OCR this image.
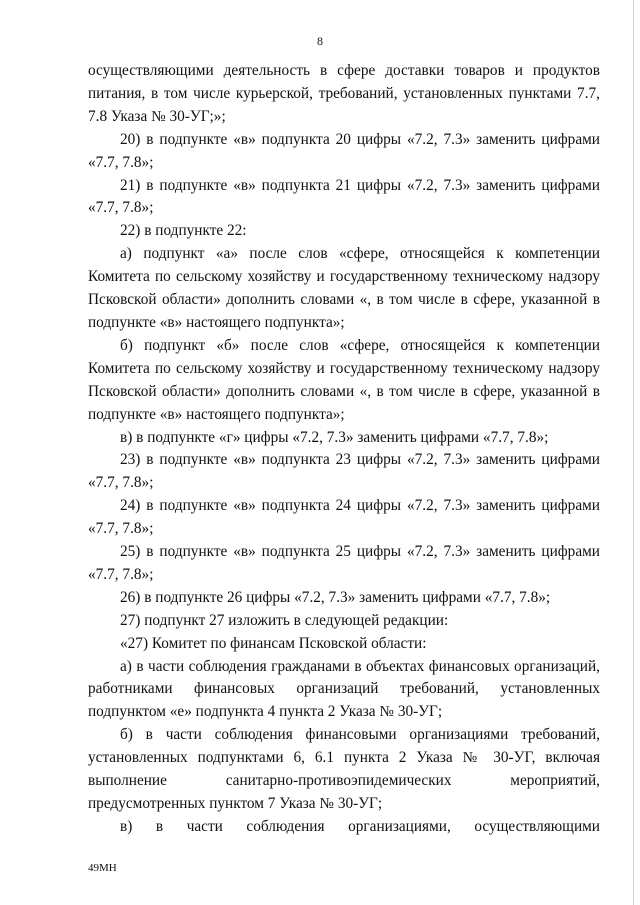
8

осуществляющими деятельность в сфере доставки товаров и продуктов питания, в том числе курьерской, требований, установленных пунктами 7.7, 7.8 Указа № 30-УГ;»;

20) в подпункте «в» подпункта 20 цифры «7.2, 7.3» заменить цифрами «7.7, 7.8»;

21) в подпункте «в» подпункта 21 цифры «7.2, 7.3» заменить цифрами «7.7, 7.8»;

22) в подпункте 22:

а) подпункт «а» после слов «сфере, относящейся к компетенции Комитета по сельскому хозяйству и государственному техническому надзору Псковской области» дополнить словами «, в том числе в сфере, указанной в подпункте «в» настоящего подпункта»;

б) подпункт «б» после слов «сфере, относящейся к компетенции Комитета по сельскому хозяйству и государственному техническому надзору Псковской области» дополнить словами «, в том числе в сфере, указанной в подпункте «в» настоящего подпункта»;

в) в подпункте «г» цифры «7.2, 7.3» заменить цифрами «7.7, 7.8»;

23) в подпункте «в» подпункта 23 цифры «7.2, 7.3» заменить цифрами «7.7, 7.8»;

24) в подпункте «в» подпункта 24 цифры «7.2, 7.3» заменить цифрами «7.7, 7.8»;

25) в подпункте «в» подпункта 25 цифры «7.2, 7.3» заменить цифрами «7.7, 7.8»;

26) в подпункте 26 цифры «7.2, 7.3» заменить цифрами «7.7, 7.8»;

27) подпункт 27 изложить в следующей редакции:

«27) Комитет по финансам Псковской области:

а) в части соблюдения гражданами в объектах финансовых организаций, работниками финансовых организаций требований, установленных подпунктом «е» подпункта 4 пункта 2 Указа № 30-УГ;

б) в части соблюдения финансовыми организациями требований, установленных подпунктами 6, 6.1 пункта 2 Указа № 30-УГ, включая выполнение санитарно-противоэпидемических мероприятий, предусмотренных пунктом 7 Указа № 30-УГ;

в) в части соблюдения организациями, осуществляющими

49МН
